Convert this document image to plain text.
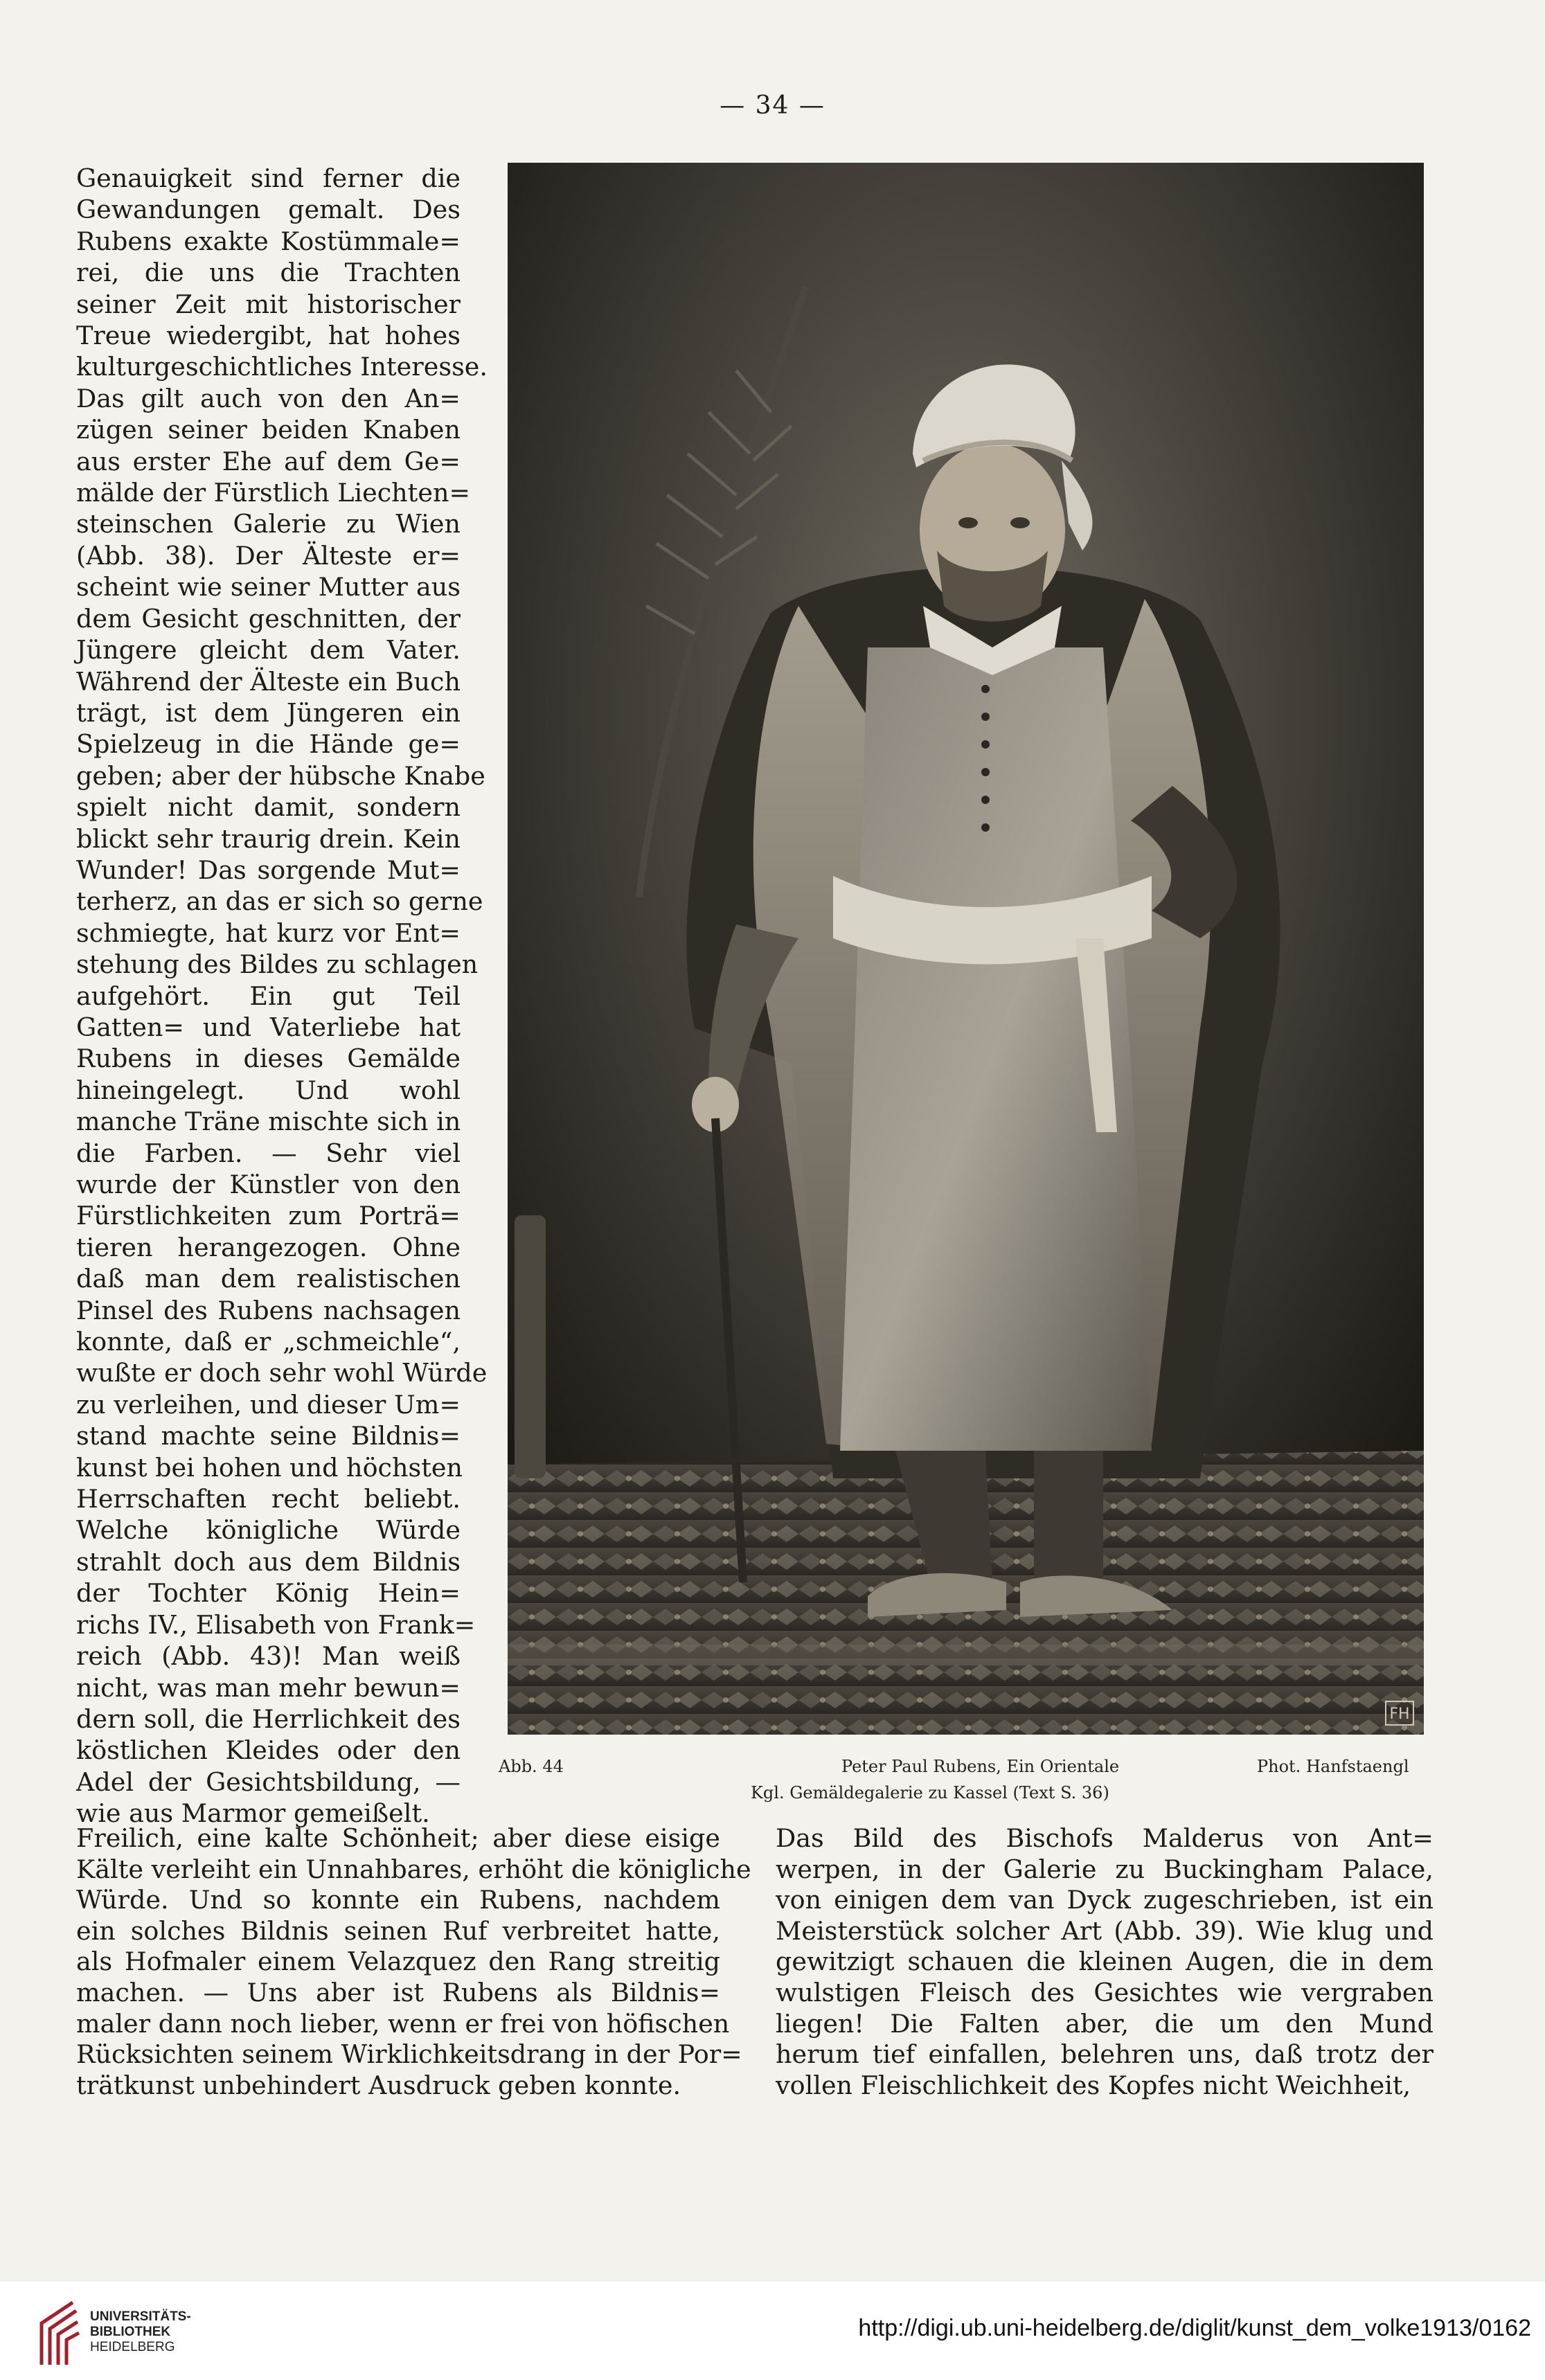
— 34 —
Genauigkeit sind ferner die
Gewandungen gemalt. Des
Rubens exakte Kostümmale=
rei, die uns die Trachten
seiner Zeit mit historischer
Treue wiedergibt, hat hohes
kulturgeschichtliches Interesse.
Das gilt auch von den An=
zügen seiner beiden Knaben
aus erster Ehe auf dem Ge=
mälde der Fürstlich Liechten=
steinschen Galerie zu Wien
(Abb. 38). Der Älteste er=
scheint wie seiner Mutter aus
dem Gesicht geschnitten, der
Jüngere gleicht dem Vater.
Während der Älteste ein Buch
trägt, ist dem Jüngeren ein
Spielzeug in die Hände ge=
geben; aber der hübsche Knabe
spielt nicht damit, sondern
blickt sehr traurig drein. Kein
Wunder! Das sorgende Mut=
terherz, an das er sich so gerne
schmiegte, hat kurz vor Ent=
stehung des Bildes zu schlagen
aufgehört. Ein gut Teil
Gatten= und Vaterliebe hat
Rubens in dieses Gemälde
hineingelegt. Und wohl
manche Träne mischte sich in
die Farben. — Sehr viel
wurde der Künstler von den
Fürstlichkeiten zum Porträ=
tieren herangezogen. Ohne
daß man dem realistischen
Pinsel des Rubens nachsagen
konnte, daß er „schmeichle“,
wußte er doch sehr wohl Würde
zu verleihen, und dieser Um=
stand machte seine Bildnis=
kunst bei hohen und höchsten
Herrschaften recht beliebt.
Welche königliche Würde
strahlt doch aus dem Bildnis
der Tochter König Hein=
richs IV., Elisabeth von Frank=
reich (Abb. 43)! Man weiß
nicht, was man mehr bewun=
dern soll, die Herrlichkeit des
köstlichen Kleides oder den
Adel der Gesichtsbildung, —
wie aus Marmor gemeißelt.
FH
Abb. 44	Peter Paul Rubens, Ein Orientale	Phot. Hanfstaengl
Kgl. Gemäldegalerie zu Kassel (Text S. 36)
Freilich, eine kalte Schönheit; aber diese eisige
Kälte verleiht ein Unnahbares, erhöht die königliche
Würde. Und so konnte ein Rubens, nachdem
ein solches Bildnis seinen Ruf verbreitet hatte,
als Hofmaler einem Velazquez den Rang streitig
machen. — Uns aber ist Rubens als Bildnis=
maler dann noch lieber, wenn er frei von höfischen
Rücksichten seinem Wirklichkeitsdrang in der Por=
trätkunst unbehindert Ausdruck geben konnte.
Das Bild des Bischofs Malderus von Ant=
werpen, in der Galerie zu Buckingham Palace,
von einigen dem van Dyck zugeschrieben, ist ein
Meisterstück solcher Art (Abb. 39). Wie klug und
gewitzigt schauen die kleinen Augen, die in dem
wulstigen Fleisch des Gesichtes wie vergraben
liegen! Die Falten aber, die um den Mund
herum tief einfallen, belehren uns, daß trotz der
vollen Fleischlichkeit des Kopfes nicht Weichheit,
UNIVERSITÄTS-
BIBLIOTHEK
HEIDELBERG
http://digi.ub.uni-heidelberg.de/diglit/kunst_dem_volke1913/0162
